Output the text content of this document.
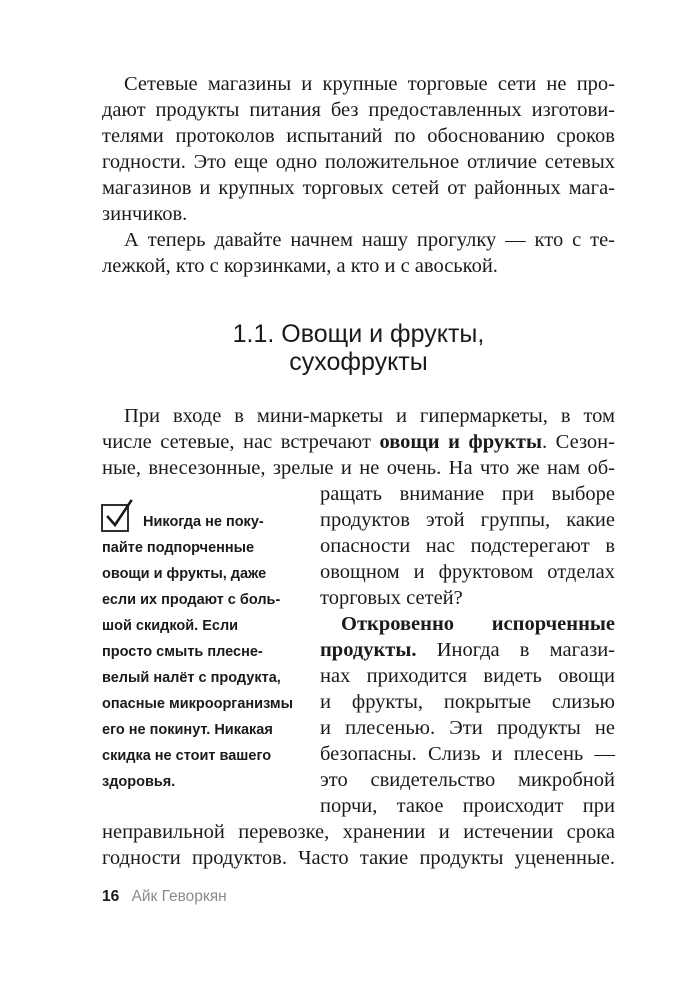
Сетевые магазины и крупные торговые сети не про-
дают продукты питания без предоставленных изготови-
телями протоколов испытаний по обоснованию сроков
годности. Это еще одно положительное отличие сетевых
магазинов и крупных торговых сетей от районных мага-
зинчиков.
А теперь давайте начнем нашу прогулку — кто с те-
лежкой, кто с корзинками, а кто и с авоськой.
1.1. Овощи и фрукты,
сухофрукты
При входе в мини-маркеты и гипермаркеты, в том
числе сетевые, нас встречают овощи и фрукты. Сезон-
ные, внесезонные, зрелые и не очень. На что же нам об-
ращать внимание при выборе
продуктов этой группы, какие
опасности нас подстерегают в
овощном и фруктовом отделах
торговых сетей?
Откровенно испорченные
продукты. Иногда в магази-
нах приходится видеть овощи
и фрукты, покрытые слизью
и плесенью. Эти продукты не
безопасны. Слизь и плесень —
это свидетельство микробной
порчи, такое происходит при
неправильной перевозке, хранении и истечении срока
годности продуктов. Часто такие продукты уцененные.
Никогда не поку-
пайте подпорченные
овощи и фрукты, даже
если их продают с боль-
шой скидкой. Если
просто смыть плесне-
велый налёт с продукта,
опасные микроорганизмы
его не покинут. Никакая
скидка не стоит вашего
здоровья.
16 Айк Геворкян
